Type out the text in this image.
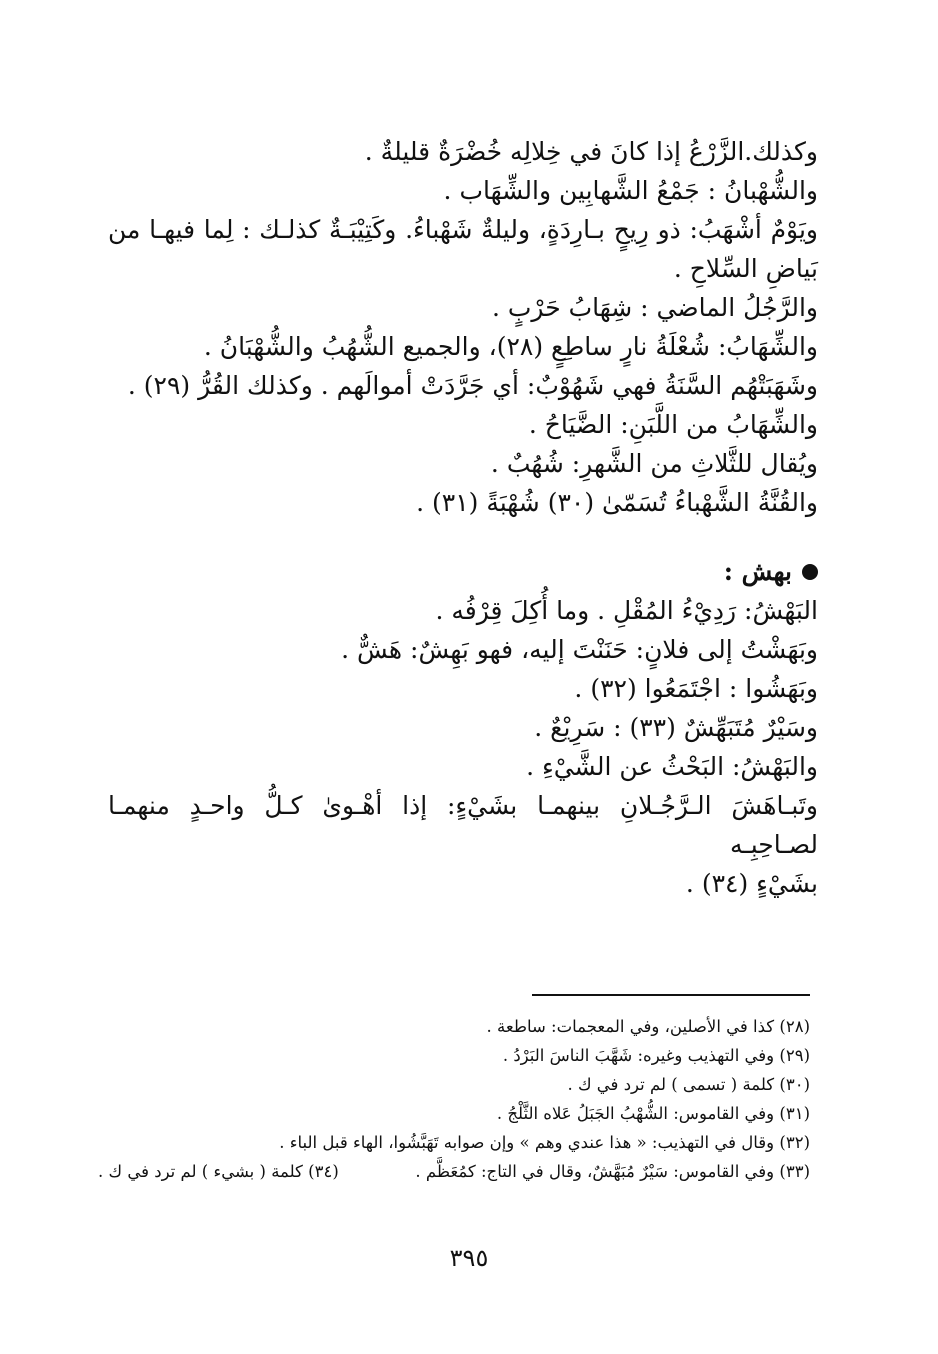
وكذلك.الزَّرْعُ إذا كانَ في خِلالِه خُضْرَةٌ قليلةٌ .
والشُّهْبانُ : جَمْعُ الشَّهابِين والشِّهَاب .
ويَوْمٌ أشْهَبُ: ذو رِيحٍ بـارِدَةٍ، وليلةٌ شَهْباءُ. وكَتِيْبَـةٌ كذلـك : لِما فيهـا من
بَياضِ السِّلاحِ .
والرَّجُلُ الماضي : شِهَابُ حَرْبٍ .
والشِّهَابُ: شُعْلَةُ نارٍ ساطِعٍ (٢٨)، والجميع الشُّهُبُ والشُّهْبَانُ .
وشَهَبَتْهُم السَّنَةُ فهي شَهُوْبٌ: أي جَرَّدَتْ أموالَهم . وكذلك القُرُّ (٢٩) .
والشِّهَابُ من اللَّبَنِ: الضَّيَاحُ .
ويُقال للثَّلاثِ من الشَّهرِ: شُهُبٌ .
والقُنَّةُ الشَّهْباءُ تُسَمّىٰ (٣٠) شُهْبَةً (٣١) .
بهش :
البَهْشُ: رَدِيْءُ المُقْلِ . وما أُكِلَ قِرْفُه .
وبَهَشْتُ إلى فلانٍ: حَنَنْتَ إليه، فهو بَهِشٌ: هَشٌّ .
وبَهَشُوا : اجْتَمَعُوا (٣٢) .
وسَيْرٌ مُتَبَهِّشٌ (٣٣) : سَرِيْعٌ .
والبَهْشُ: البَحْثُ عن الشَّيْءِ .
وتَبـاهَشَ الـرَّجُـلانِ بينهمـا بشَيْءٍ: إذا أهْـوىٰ كـلُّ واحـدٍ منهمـا لصـاحِبِـه
بشَيْءٍ (٣٤) .
(٢٨) كذا في الأصلين، وفي المعجمات: ساطعة .
(٢٩) وفي التهذيب وغيره: شَهَّبَ الناسَ البَرْدُ .
(٣٠) كلمة ( تسمى ) لم ترد في ك .
(٣١) وفي القاموس: الشُّهْبُ الجَبَلُ عَلاه الثَّلْجُ .
(٣٢) وقال في التهذيب: « هذا عندي وهم » وإن صوابه تَهَبَّشُوا، الهاء قبل الباء .
(٣٣) وفي القاموس: سَيْرٌ مُبَهَّشٌ، وقال في التاج: كمُعَظَّم .
(٣٤) كلمة ( بشيء ) لم ترد في ك .
٣٩٥
